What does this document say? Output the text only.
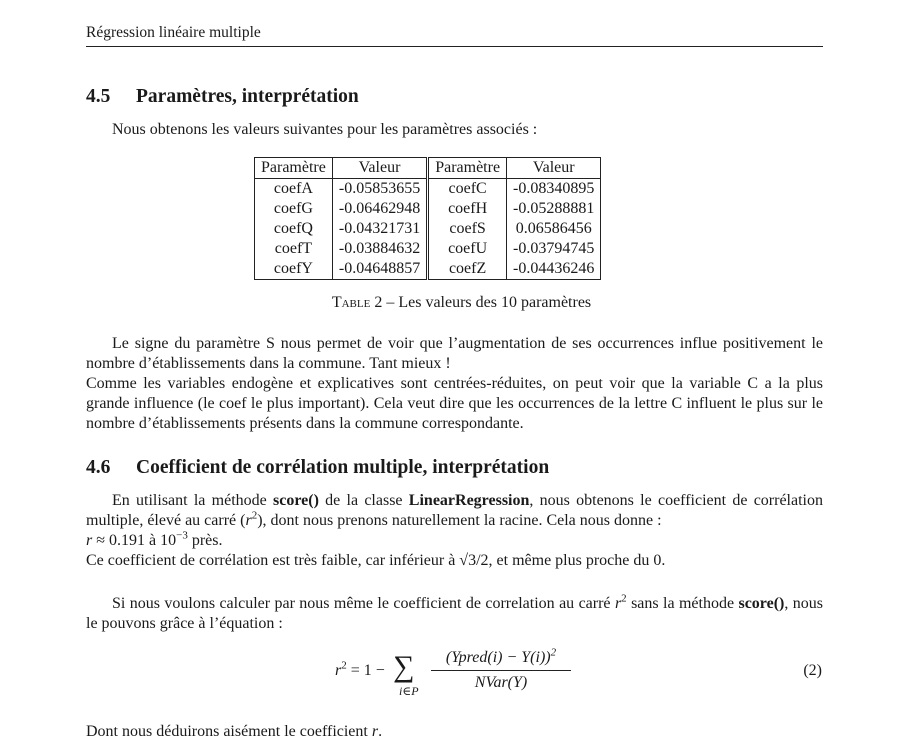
Régression linéaire multiple
4.5 Paramètres, interprétation
Nous obtenons les valeurs suivantes pour les paramètres associés :
Paramètre	Valeur	Paramètre	Valeur
coefA	-0.05853655	coefC	-0.08340895
coefG	-0.06462948	coefH	-0.05288881
coefQ	-0.04321731	coefS	0.06586456
coefT	-0.03884632	coefU	-0.03794745
coefY	-0.04648857	coefZ	-0.04436246
Table 2 – Les valeurs des 10 paramètres
Le signe du paramètre S nous permet de voir que l’augmentation de ses occurrences influe positivement le nombre d’établissements dans la commune. Tant mieux !
Comme les variables endogène et explicatives sont centrées-réduites, on peut voir que la variable C a la plus grande influence (le coef le plus important). Cela veut dire que les occurrences de la lettre C influent le plus sur le nombre d’établissements présents dans la commune correspondante.
4.6 Coefficient de corrélation multiple, interprétation
En utilisant la méthode score() de la classe LinearRegression, nous obtenons le coefficient de corrélation multiple, élevé au carré $(r^2)$, dont nous prenons naturellement la racine. Cela nous donne :
r ≈ 0.191 à $10^{-3}$ près.
Ce coefficient de corrélation est très faible, car inférieur à √3/2, et même plus proche du 0.
Si nous voulons calculer par nous même le coefficient de correlation au carré $r^2$ sans la méthode score(), nous le pouvons grâce à l’équation :
$r^2 = 1$ − ∑
i∈P
(Ypred(i) − Y(i))$^2$
NVar(Y)
(2)
Dont nous déduirons aisément le coefficient r.
